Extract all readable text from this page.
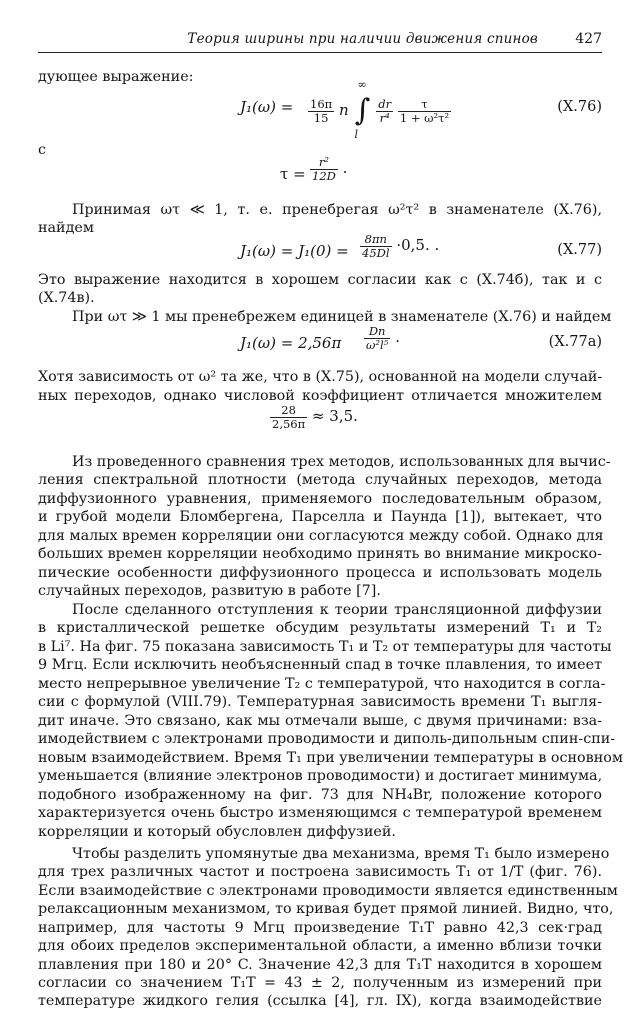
Теория ширины при наличии движения спинов	427
дующее выражение:
$J_1(\omega) = \frac{16\pi}{15}$ n ∫
∞
l

$\frac{dr}{\text{r⁴}}$
$\frac{\tau}{\text{1 + ω²τ²}}$	(X.76)
с
$\tau = \frac{\text{r²}}{12D}$ .
Принимая ωτ ≪ 1, т. е. пренебрегая ω²τ² в знаменателе (X.76),
найдем
$J_1(\omega) = J_1(0) = \frac{8\pi n}{45Dl} \cdot 0,5$. .	(X.77)
Это выражение находится в хорошем согласии как с (X.74б), так и с
(X.74в).
При ωτ ≫ 1 мы пренебрежем единицей в знаменателе (X.76) и найдем
$J_1(\omega) = 2,56\pi \frac{Dn}{\text{ω²l⁵}}$ .	(X.77а)
Хотя зависимость от ω² та же, что в (X.75), основанной на модели случай-
ных переходов, однако числовой коэффициент отличается множителем
$\frac{28}{2,56\pi} \approx 3,5$.
Из проведенного сравнения трех методов, использованных для вычис-
ления спектральной плотности (метода случайных переходов, метода
диффузионного уравнения, применяемого последовательным образом,
и грубой модели Бломбергена, Парселла и Паунда [1]), вытекает, что
для малых времен корреляции они согласуются между собой. Однако для
больших времен корреляции необходимо принять во внимание микроско-
пические особенности диффузионного процесса и использовать модель
случайных переходов, развитую в работе [7].
После сделанного отступления к теории трансляционной диффузии
в кристаллической решетке обсудим результаты измерений T₁ и T₂
в Li⁷. На фиг. 75 показана зависимость T₁ и T₂ от температуры для частоты
9 Мгц. Если исключить необъясненный спад в точке плавления, то имеет
место непрерывное увеличение T₂ с температурой, что находится в согла-
сии с формулой (VIII.79). Температурная зависимость времени T₁ выгля-
дит иначе. Это связано, как мы отмечали выше, с двумя причинами: вза-
имодействием с электронами проводимости и диполь-дипольным спин-спи-
новым взаимодействием. Время T₁ при увеличении температуры в основном
уменьшается (влияние электронов проводимости) и достигает минимума,
подобного изображенному на фиг. 73 для NH₄Br, положение которого
характеризуется очень быстро изменяющимся с температурой временем
корреляции и который обусловлен диффузией.
Чтобы разделить упомянутые два механизма, время T₁ было измерено
для трех различных частот и построена зависимость T₁ от 1/T (фиг. 76).
Если взаимодействие с электронами проводимости является единственным
релаксационным механизмом, то кривая будет прямой линией. Видно, что,
например, для частоты 9 Мгц произведение T₁T равно 42,3 сек·град
для обоих пределов экспериментальной области, а именно вблизи точки
плавления при 180 и 20° C. Значение 42,3 для T₁T находится в хорошем
согласии со значением T₁T = 43 ± 2, полученным из измерений при
температуре жидкого гелия (ссылка [4], гл. IX), когда взаимодействие
